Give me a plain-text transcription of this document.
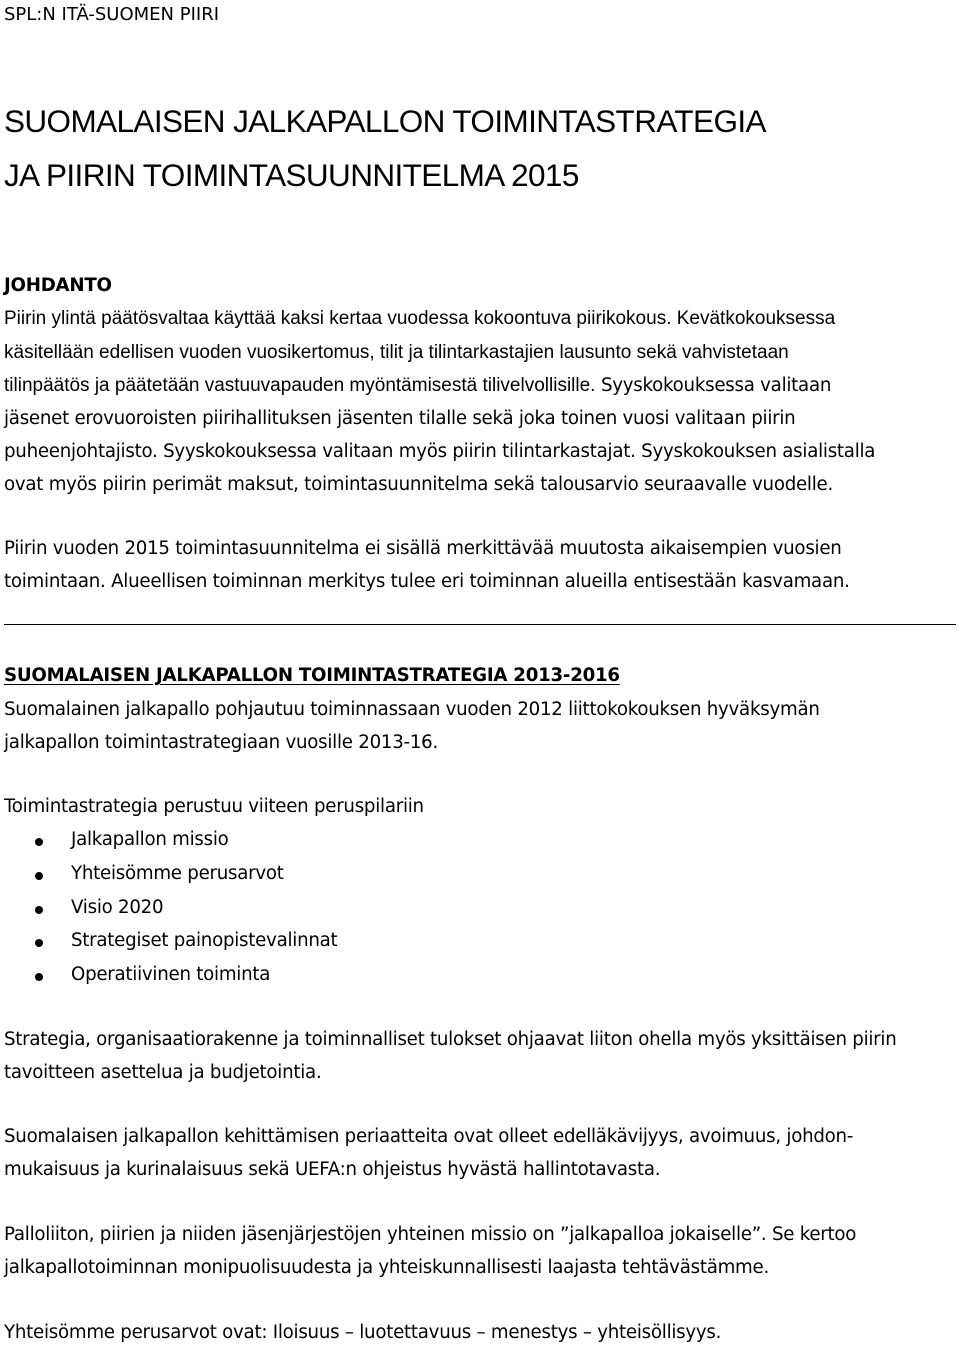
SPL:N ITÄ-SUOMEN PIIRI
SUOMALAISEN JALKAPALLON TOIMINTASTRATEGIA
JA PIIRIN TOIMINTASUUNNITELMA 2015
JOHDANTO
Piirin ylintä päätösvaltaa käyttää kaksi kertaa vuodessa kokoontuva piirikokous. Kevätkokouksessa
käsitellään edellisen vuoden vuosikertomus, tilit ja tilintarkastajien lausunto sekä vahvistetaan
tilinpäätös ja päätetään vastuuvapauden myöntämisestä tilivelvollisille. Syyskokouksessa valitaan
jäsenet erovuoroisten piirihallituksen jäsenten tilalle sekä joka toinen vuosi valitaan piirin
puheenjohtajisto. Syyskokouksessa valitaan myös piirin tilintarkastajat. Syyskokouksen asialistalla
ovat myös piirin perimät maksut, toimintasuunnitelma sekä talousarvio seuraavalle vuodelle.
Piirin vuoden 2015 toimintasuunnitelma ei sisällä merkittävää muutosta aikaisempien vuosien
toimintaan. Alueellisen toiminnan merkitys tulee eri toiminnan alueilla entisestään kasvamaan.
SUOMALAISEN JALKAPALLON TOIMINTASTRATEGIA 2013-2016
Suomalainen jalkapallo pohjautuu toiminnassaan vuoden 2012 liittokokouksen hyväksymän
jalkapallon toimintastrategiaan vuosille 2013-16.
Toimintastrategia perustuu viiteen peruspilariin
Jalkapallon missio
Yhteisömme perusarvot
Visio 2020
Strategiset painopistevalinnat
Operatiivinen toiminta
Strategia, organisaatiorakenne ja toiminnalliset tulokset ohjaavat liiton ohella myös yksittäisen piirin
tavoitteen asettelua ja budjetointia.
Suomalaisen jalkapallon kehittämisen periaatteita ovat olleet edelläkävijyys, avoimuus, johdon-
mukaisuus ja kurinalaisuus sekä UEFA:n ohjeistus hyvästä hallintotavasta.
Palloliiton, piirien ja niiden jäsenjärjestöjen yhteinen missio on ”jalkapalloa jokaiselle”. Se kertoo
jalkapallotoiminnan monipuolisuudesta ja yhteiskunnallisesti laajasta tehtävästämme.
Yhteisömme perusarvot ovat: Iloisuus – luotettavuus – menestys – yhteisöllisyys.
